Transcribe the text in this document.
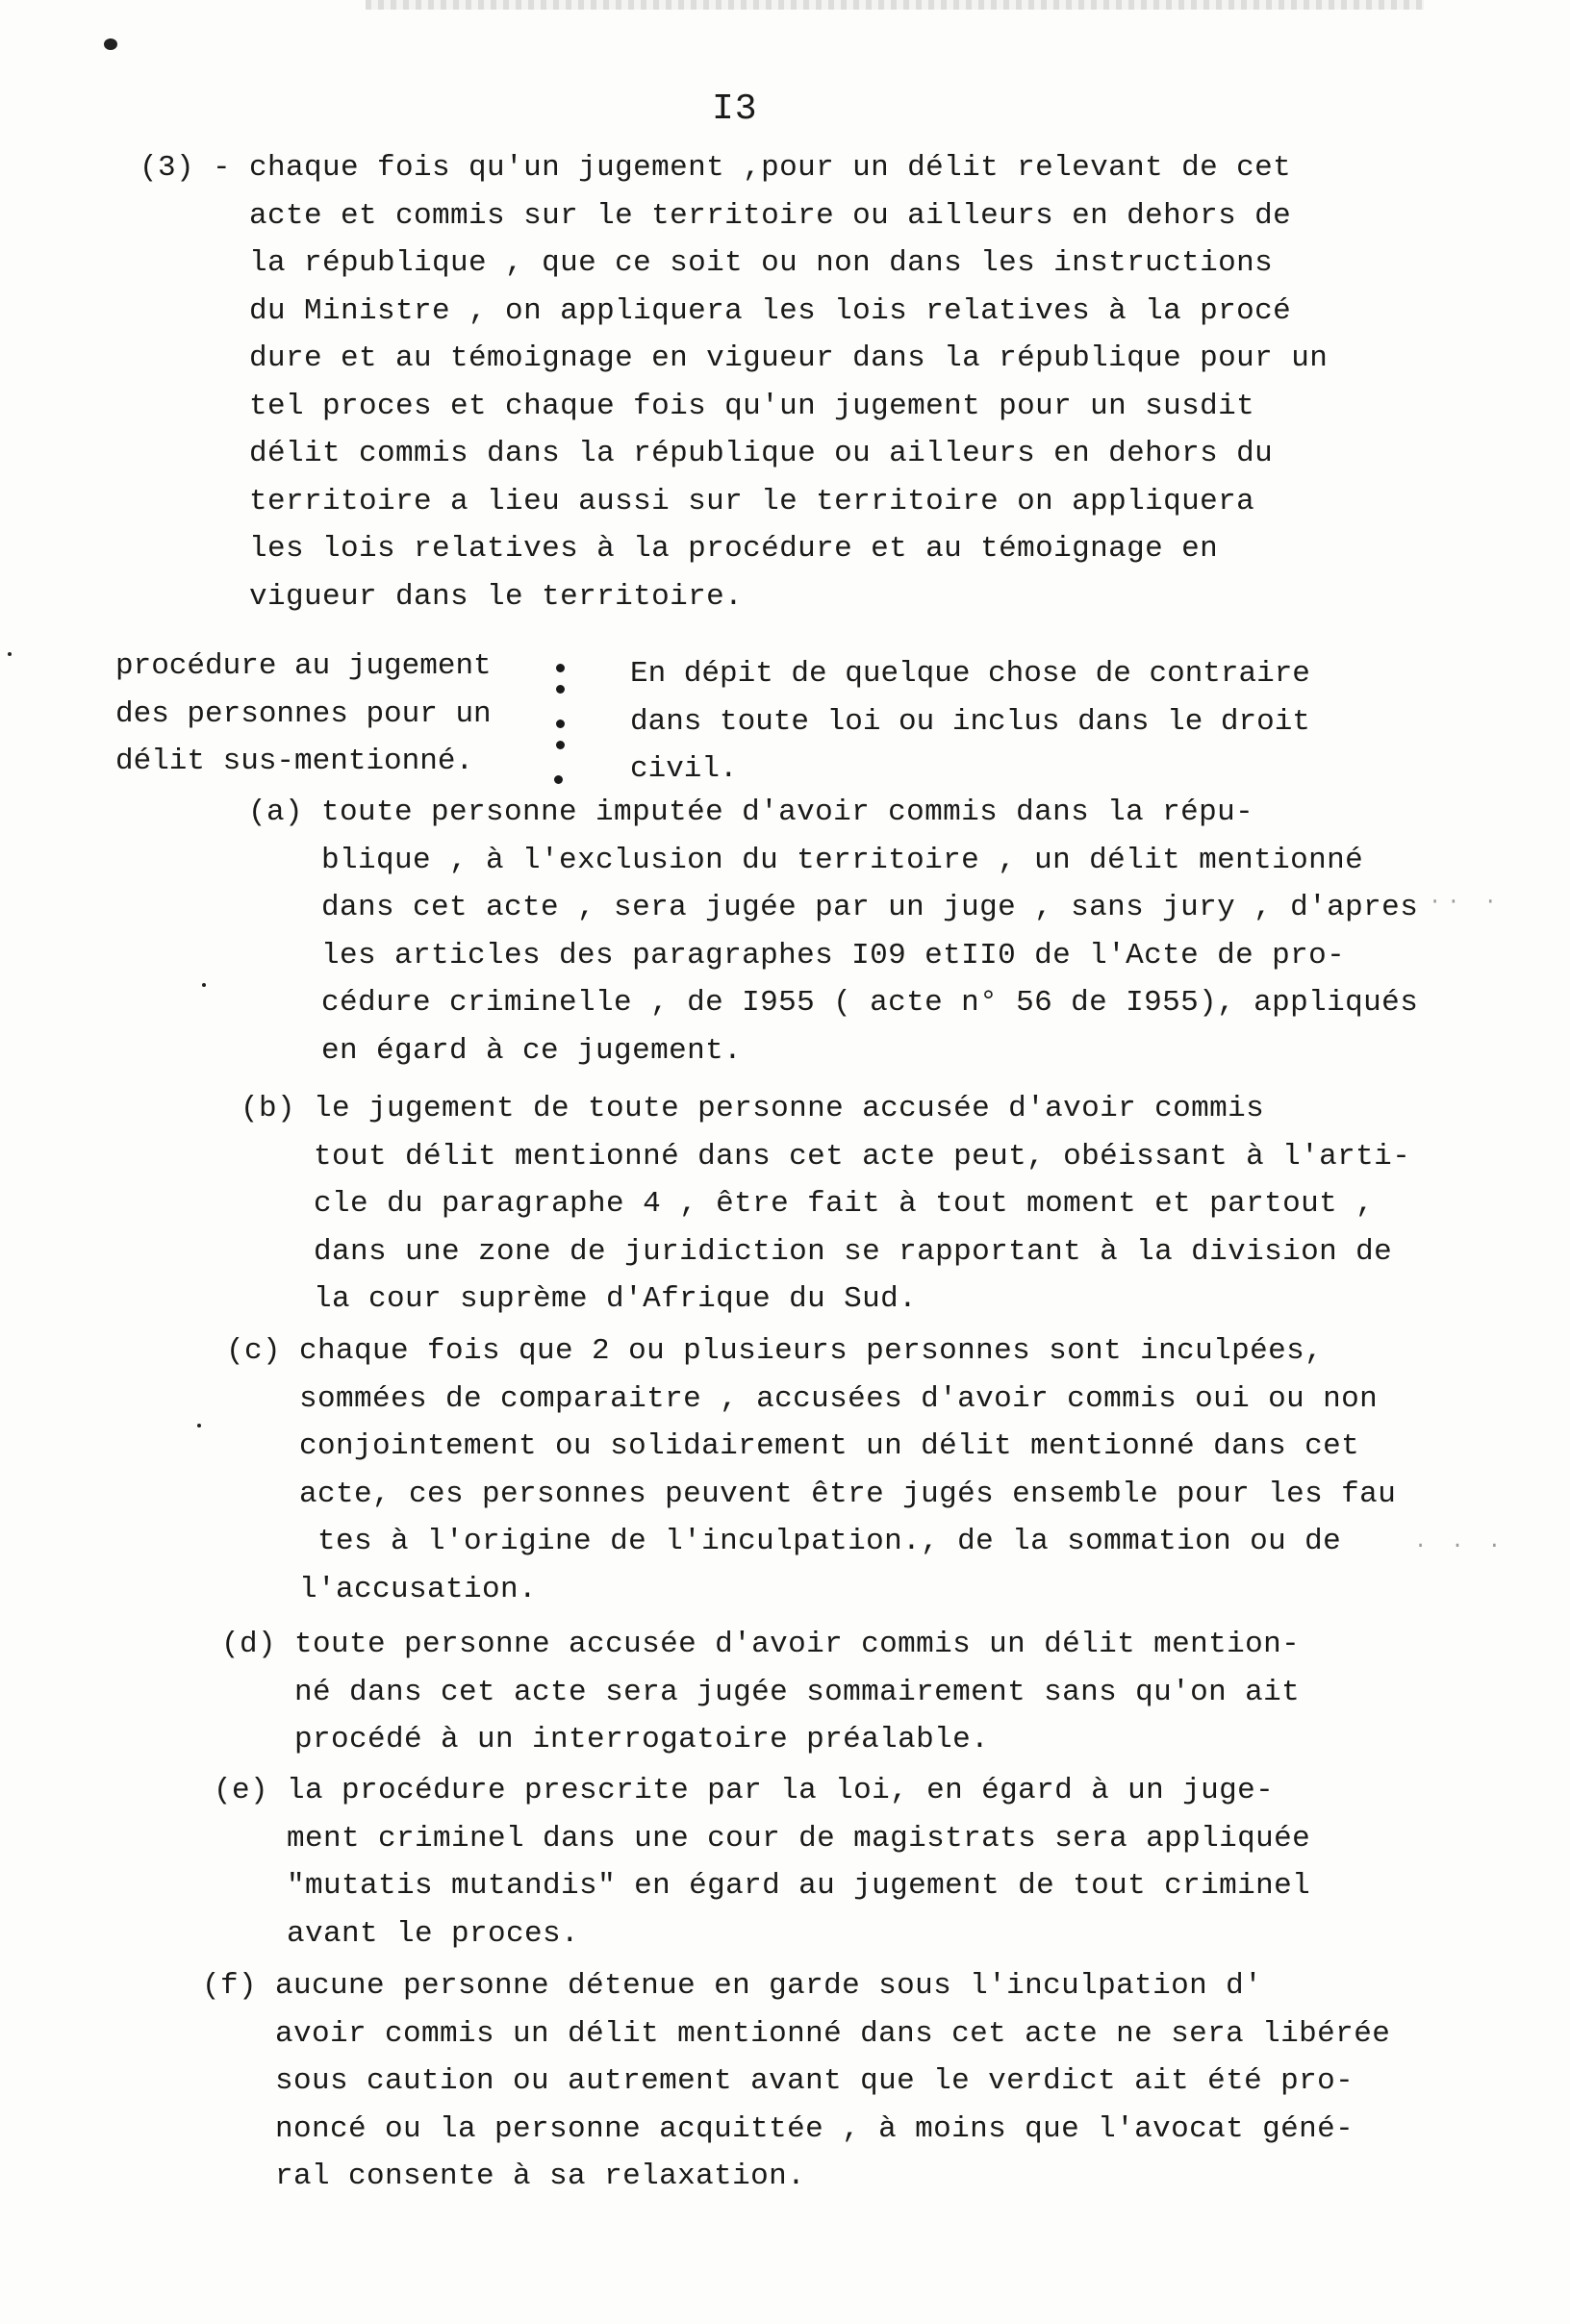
I3
(3) - chaque fois qu'un jugement ,pour un délit relevant de cet
acte et commis sur le territoire ou ailleurs en dehors de
la république , que ce soit ou non dans les instructions
du Ministre , on appliquera les lois relatives à la procé
dure et au témoignage en vigueur dans la république pour un
tel proces et chaque fois qu'un jugement pour un susdit
délit commis dans la république ou ailleurs en dehors du
territoire a lieu aussi sur le territoire on appliquera
les lois relatives à la procédure et au témoignage en
vigueur dans le territoire.
procédure au jugement
des personnes pour un
délit sus-mentionné.
En dépit de quelque chose de contraire
dans toute loi ou inclus dans le droit
civil.
(a) toute personne imputée d'avoir commis dans la répu-
blique , à l'exclusion du territoire , un délit mentionné
dans cet acte , sera jugée par un juge , sans jury , d'apres
les articles des paragraphes I09 etII0 de l'Acte de pro-
cédure criminelle , de I955 ( acte n° 56 de I955), appliqués
en égard à ce jugement.
(b) le jugement de toute personne accusée d'avoir commis
tout délit mentionné dans cet acte peut, obéissant à l'arti-
cle du paragraphe 4 , être fait à tout moment et partout ,
dans une zone de juridiction se rapportant à la division de
la cour suprème d'Afrique du Sud.
(c) chaque fois que 2 ou plusieurs personnes sont inculpées,
sommées de comparaitre , accusées d'avoir commis oui ou non
conjointement ou solidairement un délit mentionné dans cet
acte, ces personnes peuvent être jugés ensemble pour les fau
tes à l'origine de l'inculpation., de la sommation ou de
l'accusation.
(d) toute personne accusée d'avoir commis un délit mention-
né dans cet acte sera jugée sommairement sans qu'on ait
procédé à un interrogatoire préalable.
(e) la procédure prescrite par la loi, en égard à un juge-
ment criminel dans une cour de magistrats sera appliquée
"mutatis mutandis" en égard au jugement de tout criminel
avant le proces.
(f) aucune personne détenue en garde sous l'inculpation d'
avoir commis un délit mentionné dans cet acte ne sera libérée
sous caution ou autrement avant que le verdict ait été pro-
noncé ou la personne acquittée , à moins que l'avocat géné-
ral consente à sa relaxation.
·· ·
. . .
